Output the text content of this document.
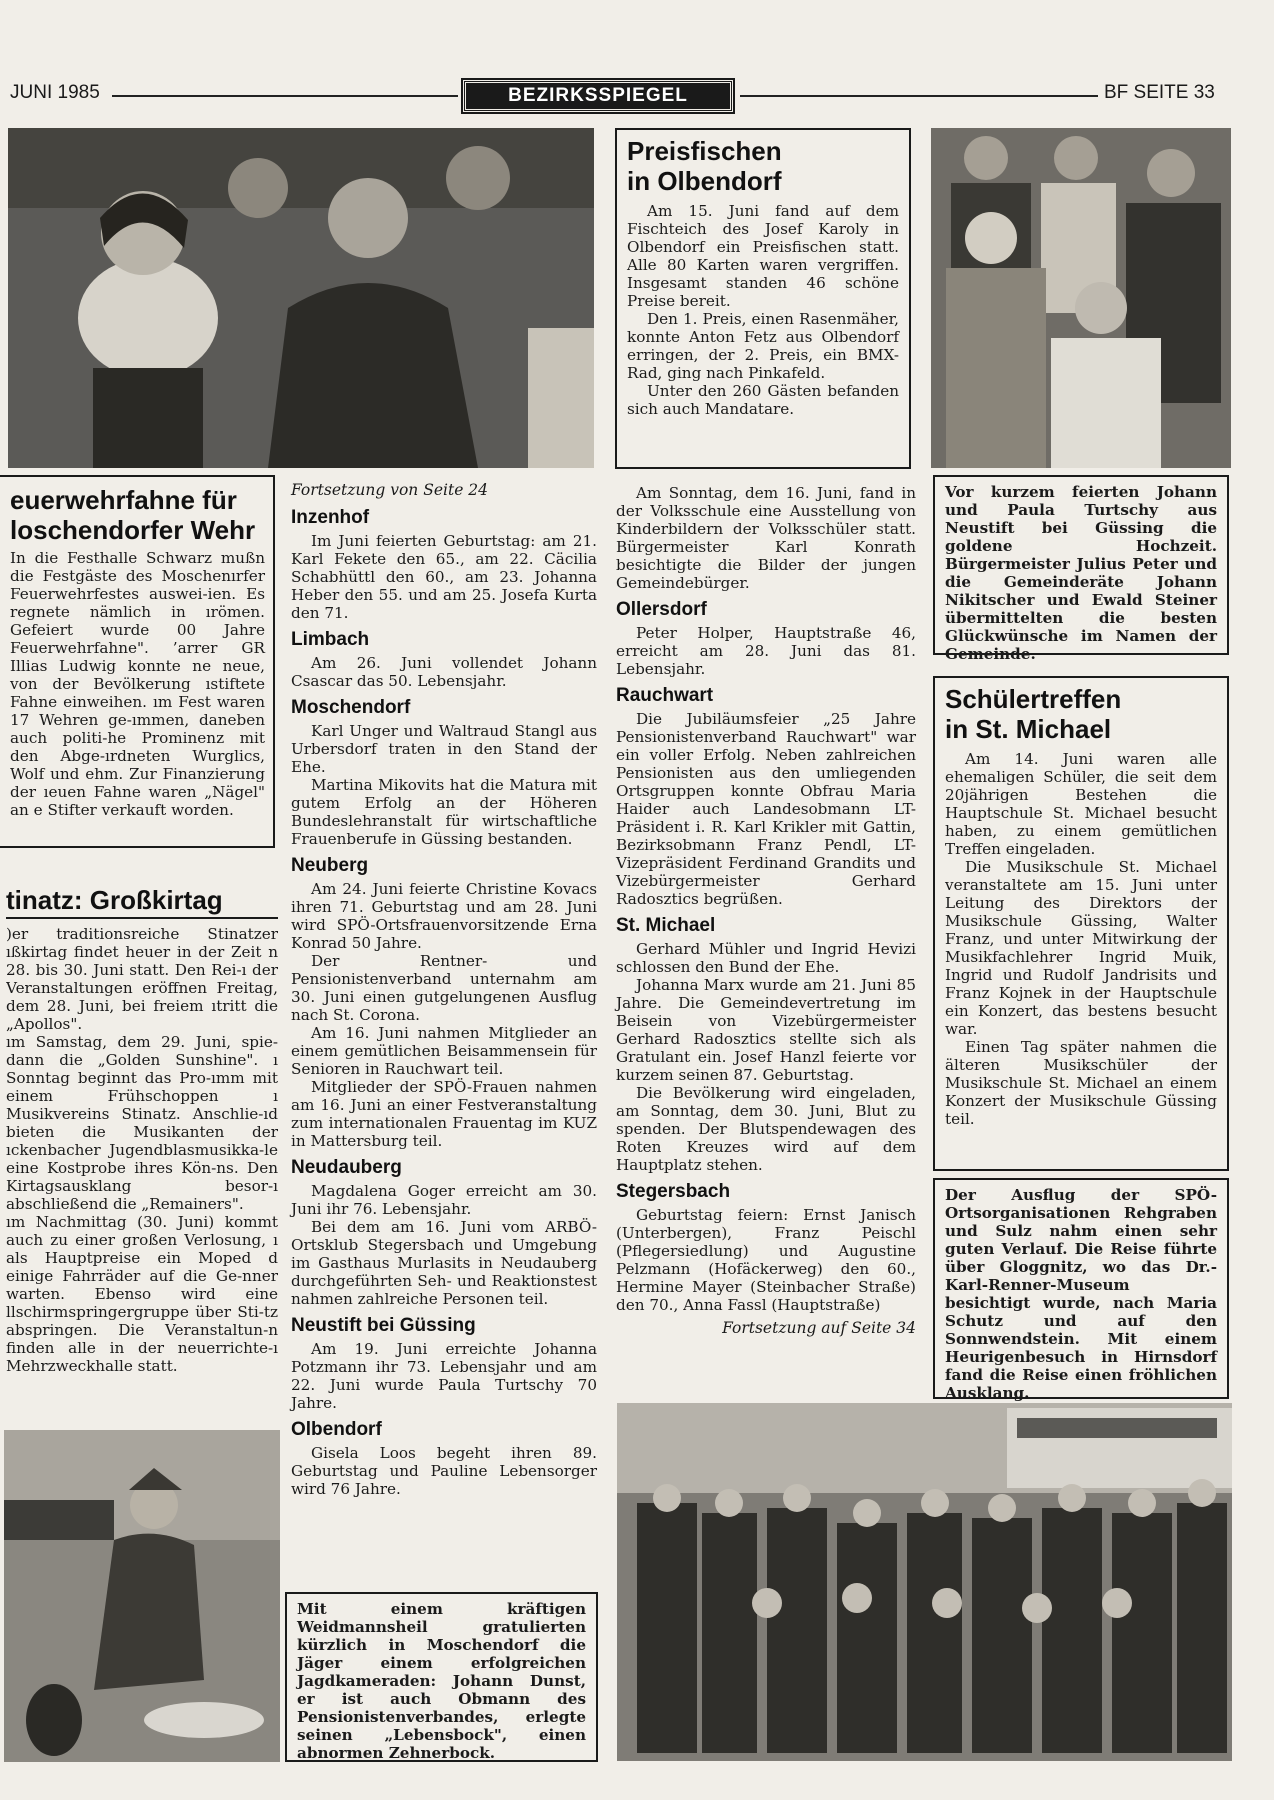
JUNI 1985	BEZIRKSSPIEGEL	BF SEITE 33
Preisfischen
in Olbendorf

Am 15. Juni fand auf dem Fischteich des Josef Karoly in Olbendorf ein Preisfischen statt. Alle 80 Karten waren vergriffen. Insgesamt standen 46 schöne Preise bereit.

Den 1. Preis, einen Rasenmäher, konnte Anton Fetz aus Olbendorf erringen, der 2. Preis, ein BMX-Rad, ging nach Pinkafeld.

Unter den 260 Gästen befanden sich auch Mandatare.

Vor kurzem feierten Johann und Paula Turtschy aus Neustift bei Güssing die goldene Hochzeit. Bürgermeister Julius Peter und die Gemeinderäte Johann Nikitscher und Ewald Steiner übermittelten die besten Glückwünsche im Namen der Gemeinde.

euerwehrfahne für
loschendorfer Wehr

In die Festhalle Schwarz mußn die Festgäste des Moschenırfer Feuerwehrfestes auswei-ien. Es regnete nämlich in ırömen. Gefeiert wurde 00 Jahre Feuerwehrfahne". ’arrer GR Illias Ludwig konnte ne neue, von der Bevölkerung ıstiftete Fahne einweihen. ım Fest waren 17 Wehren ge-ımmen, daneben auch politi-he Prominenz mit den Abge-ırdneten Wurglics, Wolf und ehm. Zur Finanzierung der ıeuen Fahne waren „Nägel" an e Stifter verkauft worden.

tinatz: Großkirtag

)er traditionsreiche Stinatzer ıßkirtag findet heuer in der Zeit n 28. bis 30. Juni statt. Den Rei-ı der Veranstaltungen eröffnen Freitag, dem 28. Juni, bei freiem ıtritt die „Apollos".

ım Samstag, dem 29. Juni, spie-dann die „Golden Sunshine". ı Sonntag beginnt das Pro-ımm mit einem Frühschoppen ı Musikvereins Stinatz. Anschlie-ıd bieten die Musikanten der ıckenbacher Jugendblasmusikka-le eine Kostprobe ihres Kön-ns. Den Kirtagsausklang besor-ı abschließend die „Remainers".

ım Nachmittag (30. Juni) kommt auch zu einer großen Verlosung, ı als Hauptpreise ein Moped d einige Fahrräder auf die Ge-nner warten. Ebenso wird eine llschirmspringergruppe über Sti-tz abspringen. Die Veranstaltun-n finden alle in der neuerrichte-ı Mehrzweckhalle statt.

Fortsetzung von Seite 24
Inzenhof

Im Juni feierten Geburtstag: am 21. Karl Fekete den 65., am 22. Cäcilia Schabhüttl den 60., am 23. Johanna Heber den 55. und am 25. Josefa Kurta den 71.

Limbach

Am 26. Juni vollendet Johann Csascar das 50. Lebensjahr.

Moschendorf

Karl Unger und Waltraud Stangl aus Urbersdorf traten in den Stand der Ehe.

Martina Mikovits hat die Matura mit gutem Erfolg an der Höheren Bundeslehranstalt für wirtschaftliche Frauenberufe in Güssing bestanden.

Neuberg

Am 24. Juni feierte Christine Kovacs ihren 71. Geburtstag und am 28. Juni wird SPÖ-Ortsfrauenvorsitzende Erna Konrad 50 Jahre.

Der Rentner- und Pensionistenverband unternahm am 30. Juni einen gutgelungenen Ausflug nach St. Corona.

Am 16. Juni nahmen Mitglieder an einem gemütlichen Beisammensein für Senioren in Rauchwart teil.

Mitglieder der SPÖ-Frauen nahmen am 16. Juni an einer Festveranstaltung zum internationalen Frauentag im KUZ in Mattersburg teil.

Neudauberg

Magdalena Goger erreicht am 30. Juni ihr 76. Lebensjahr.

Bei dem am 16. Juni vom ARBÖ-Ortsklub Stegersbach und Umgebung im Gasthaus Murlasits in Neudauberg durchgeführten Seh- und Reaktionstest nahmen zahlreiche Personen teil.

Neustift bei Güssing

Am 19. Juni erreichte Johanna Potzmann ihr 73. Lebensjahr und am 22. Juni wurde Paula Turtschy 70 Jahre.

Olbendorf

Gisela Loos begeht ihren 89. Geburtstag und Pauline Lebensorger wird 76 Jahre.

Mit einem kräftigen Weidmannsheil gratulierten kürzlich in Moschendorf die Jäger einem erfolgreichen Jagdkameraden: Johann Dunst, er ist auch Obmann des Pensionistenverbandes, erlegte seinen „Lebensbock", einen abnormen Zehnerbock.

Am Sonntag, dem 16. Juni, fand in der Volksschule eine Ausstellung von Kinderbildern der Volksschüler statt. Bürgermeister Karl Konrath besichtigte die Bilder der jungen Gemeindebürger.

Ollersdorf

Peter Holper, Hauptstraße 46, erreicht am 28. Juni das 81. Lebensjahr.

Rauchwart

Die Jubiläumsfeier „25 Jahre Pensionistenverband Rauchwart" war ein voller Erfolg. Neben zahlreichen Pensionisten aus den umliegenden Ortsgruppen konnte Obfrau Maria Haider auch Landesobmann LT-Präsident i. R. Karl Krikler mit Gattin, Bezirksobmann Franz Pendl, LT-Vizepräsident Ferdinand Grandits und Vizebürgermeister Gerhard Radosztics begrüßen.

St. Michael

Gerhard Mühler und Ingrid Hevizi schlossen den Bund der Ehe.

Johanna Marx wurde am 21. Juni 85 Jahre. Die Gemeindevertretung im Beisein von Vizebürgermeister Gerhard Radosztics stellte sich als Gratulant ein. Josef Hanzl feierte vor kurzem seinen 87. Geburtstag.

Die Bevölkerung wird eingeladen, am Sonntag, dem 30. Juni, Blut zu spenden. Der Blutspendewagen des Roten Kreuzes wird auf dem Hauptplatz stehen.

Stegersbach

Geburtstag feiern: Ernst Janisch (Unterbergen), Franz Peischl (Pflegersiedlung) und Augustine Pelzmann (Hofäckerweg) den 60., Hermine Mayer (Steinbacher Straße) den 70., Anna Fassl (Hauptstraße)

Fortsetzung auf Seite 34
Schülertreffen
in St. Michael

Am 14. Juni waren alle ehemaligen Schüler, die seit dem 20jährigen Bestehen die Hauptschule St. Michael besucht haben, zu einem gemütlichen Treffen eingeladen.

Die Musikschule St. Michael veranstaltete am 15. Juni unter Leitung des Direktors der Musikschule Güssing, Walter Franz, und unter Mitwirkung der Musikfachlehrer Ingrid Muik, Ingrid und Rudolf Jandrisits und Franz Kojnek in der Hauptschule ein Konzert, das bestens besucht war.

Einen Tag später nahmen die älteren Musikschüler der Musikschule St. Michael an einem Konzert der Musikschule Güssing teil.

Der Ausflug der SPÖ-Ortsorganisationen Rehgraben und Sulz nahm einen sehr guten Verlauf. Die Reise führte über Gloggnitz, wo das Dr.-Karl-Renner-Museum besichtigt wurde, nach Maria Schutz und auf den Sonnwendstein. Mit einem Heurigenbesuch in Hirnsdorf fand die Reise einen fröhlichen Ausklang.
